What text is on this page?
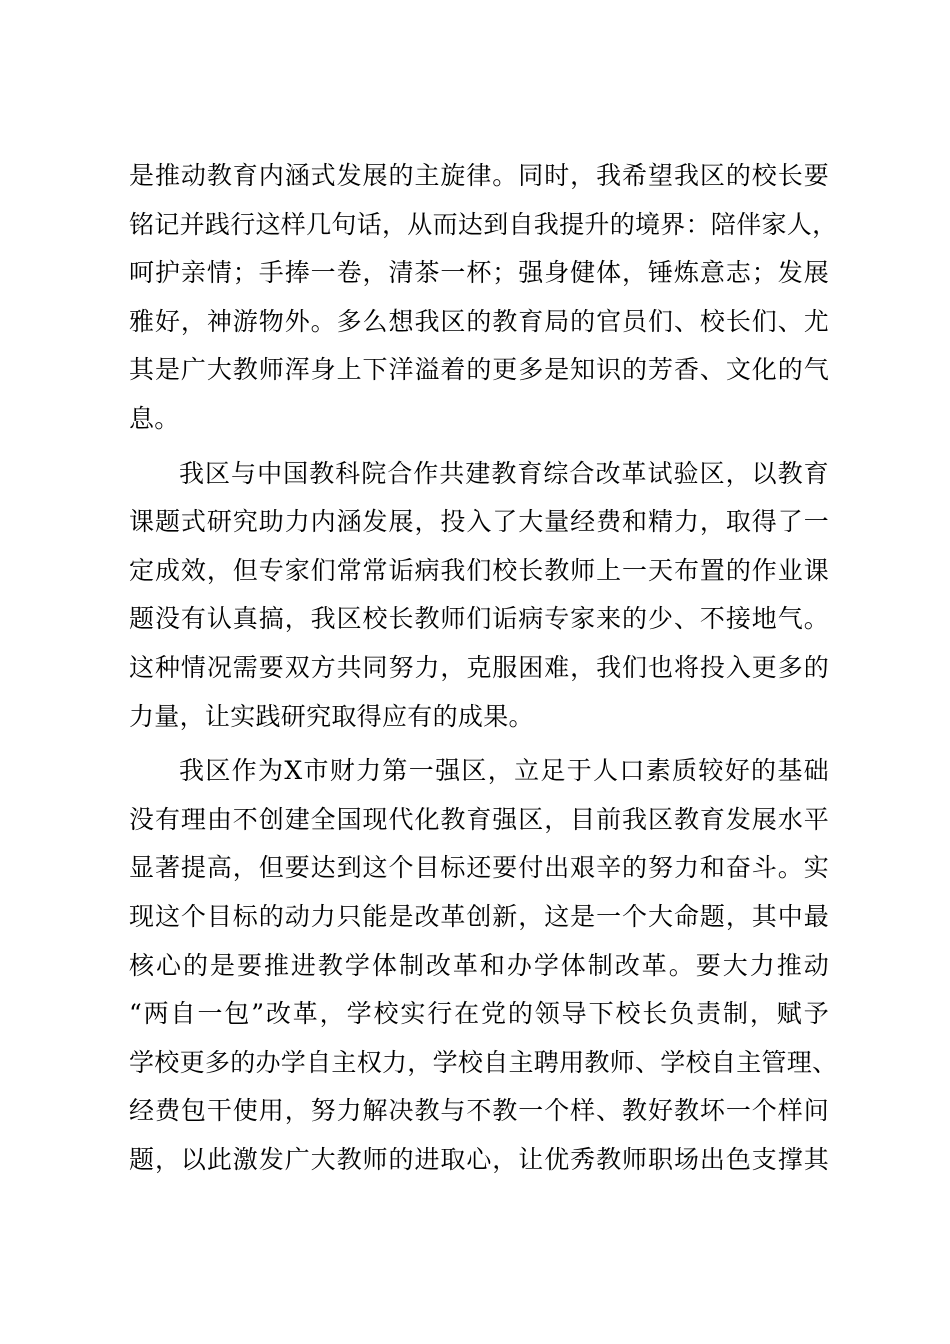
是推动教育内涵式发展的主旋律。同时，我希望我区的校长要
铭记并践行这样几句话，从而达到自我提升的境界：陪伴家人，
呵护亲情；手捧一卷，清茶一杯；强身健体，锤炼意志；发展
雅好，神游物外。多么想我区的教育局的官员们、校长们、尤
其是广大教师浑身上下洋溢着的更多是知识的芳香、文化的气
息。
我区与中国教科院合作共建教育综合改革试验区，以教育
课题式研究助力内涵发展，投入了大量经费和精力，取得了一
定成效，但专家们常常诟病我们校长教师上一天布置的作业课
题没有认真搞，我区校长教师们诟病专家来的少、不接地气。
这种情况需要双方共同努力，克服困难，我们也将投入更多的
力量，让实践研究取得应有的成果。
我区作为X市财力第一强区，立足于人口素质较好的基础
没有理由不创建全国现代化教育强区，目前我区教育发展水平
显著提高，但要达到这个目标还要付出艰辛的努力和奋斗。实
现这个目标的动力只能是改革创新，这是一个大命题，其中最
核心的是要推进教学体制改革和办学体制改革。要大力推动
“两自一包”改革，学校实行在党的领导下校长负责制，赋予
学校更多的办学自主权力，学校自主聘用教师、学校自主管理、
经费包干使用，努力解决教与不教一个样、教好教坏一个样问
题，以此激发广大教师的进取心，让优秀教师职场出色支撑其
